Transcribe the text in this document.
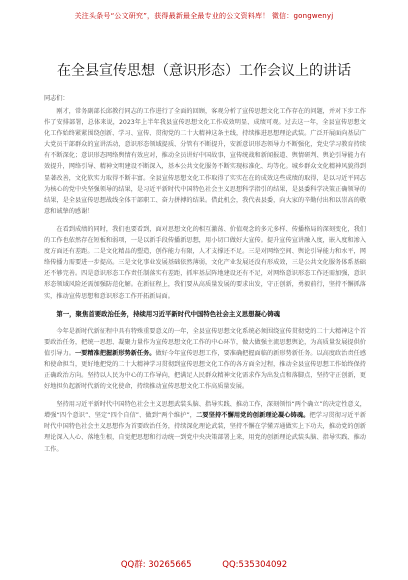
关注头条号“公文研究”，获得最新最全最专业的公文资料库！ 微信：gongwenyj
在全县宣传思想（意识形态）工作会议上的讲话
同志们：

刚才，常务副部长邱教行同志的工作进行了全面的回顾，客观分析了宣传思想文化工作存在的问题，并对下步工作作了安排部署，总体来说，2023年上半年我县宣传思想文化工作成效明显、成绩可观。过去这一年，全县宣传思想文化工作始终紧紧围绕创新、学习、宣传、贯彻党的二十大精神这条主线，持续推进思想理论武装。广泛开展面向基层广大党员干部群众的宣讲活动，意识形态领域提质、分管有不断提升，安新意识形态领导力不断强化，党史学习教育持续有不断深化；意识形态网络舆情有效应对，推动全员讲好中国故事，宣传统战和新闻报道、舆情研判、舆论引导能力有效提升，网络引导、精神文明建设不断深入，基本公共文化服务不断实现标准化、均等化。城乡群众文化精神风貌得到显著改善，文化软实力取得不断丰富。全县宣传思想文化工作取得了实实在在的成效这些成绩的取得，是以习近平同志为核心的党中央坚强领导的结果，是习近平新时代中国特色社会主义思想科学指引的结果，是县委科学决策正确领导的结果，是全县宣传思想战线全体干部职工、奋力拼搏的结果。借此机会，我代表县委，向大家的辛勤付出和以崇高的敬意和诚挚的感谢！

在看到成绩的同时，我们也要看到，面对思想文化的相互激荡、价值观念的多元多样、传播格局的深刻变化，我们的工作也依然存在短板和弱项，一是以新手段传播新思想，用小切口做好大宣传。提升宣传宣讲融入度，嵌入度和渗入度方面还有差距。二是文化精品的塑造，创作能力有限，人才支撑还不足。三是对网络空间、舆论引导能力和水平，网络传播力需要进一步提高。三是文化事业发展基础依然薄弱，文化产业发展还没有形成效，三是公共文化服务体系基础还不够完善。四是意识形态工作责任制落实有差距，抓牢基层阵地建设还有不足，对网络意识形态工作还需加强，意识形态领域风险还需加强防范化解。在新征程上，我们要从高质量发展的要求出发，守正创新，勇毅前行，坚持不懈抓落实，推动宣传思想和意识形态工作开拓新局面。

第一，聚焦首要政治任务，持续用习近平新时代中国特色社会主义思想凝心铸魂

今年是新时代新征程中具有特殊重要意义的一年，全县宣传思想文化系统必须围绕宣传贯彻党的二十大精神这个首要政治任务，把统一思想、凝聚力量作为宣传思想文化工作的中心环节，做大做强主流思想舆论，为高质量发展提供价值引导力。一要精准把握新形势新任务。做好今年宣传思想工作，要准确把握面临的新形势新任务。以高度政治责任感和使命担当，更好地把党的二十大精神学习贯彻到宣传思想文化工作的各方面全过程，推动全县宣传思想工作始终保持正确政治方向。坚持以人民为中心的工作导向，把满足人民群众精神文化需求作为出发点和落脚点，坚持守正创新，更好地担负起新时代新的文化使命，持续推动宣传思想文化工作高质量发展。

坚持用习近平新时代中国特色社会主义思想武装头脑、指导实践、推动工作，深刻领悟“两个确立”的决定性意义，增强“四个意识”、坚定“四个自信”、做到“两个维护”，二要坚持不懈用党的创新理论凝心铸魂。把学习贯彻习近平新时代中国特色社会主义思想作为首要政治任务，持续深化理论武装，坚持不懈在学懂弄通做实上下功夫，推动党的创新理论深入人心、落地生根，自觉把思想和行动统一到党中央决策部署上来，用党的创新理论武装头脑、指导实践、推动工作。

QQ群: 30265665	QQ:535304092
